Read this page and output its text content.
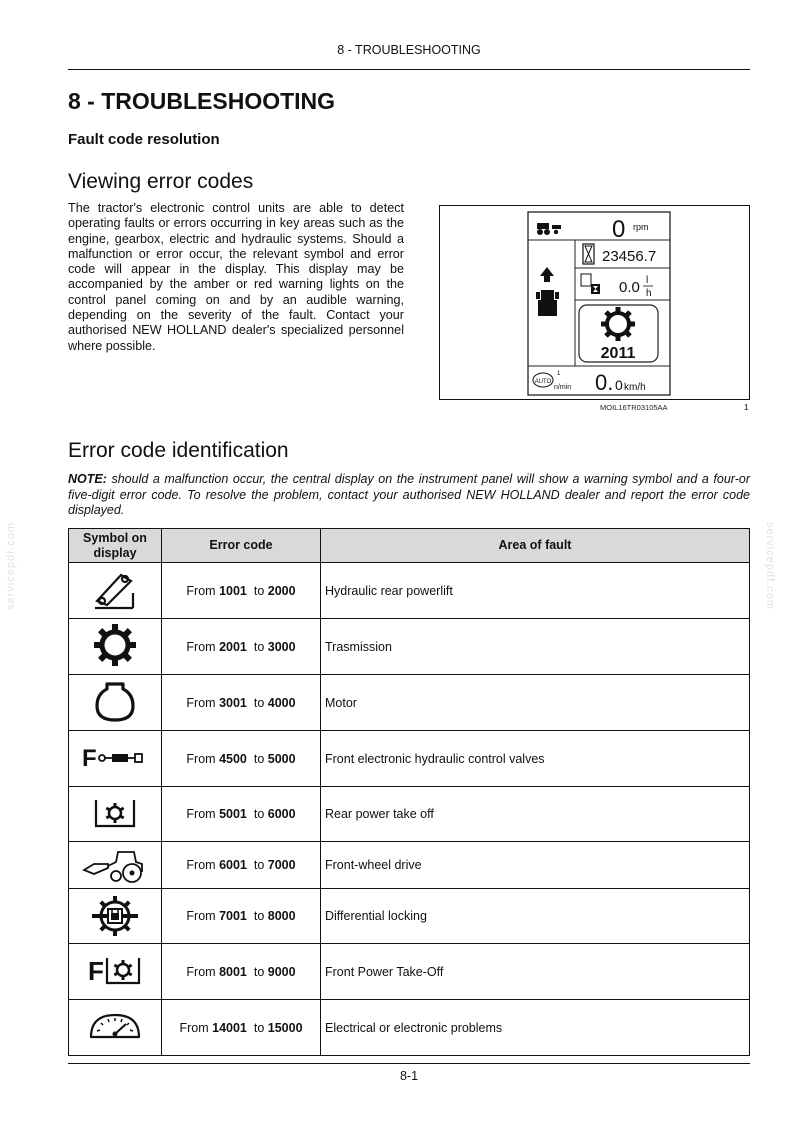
8 - TROUBLESHOOTING
8 - TROUBLESHOOTING
Fault code resolution
Viewing error codes
The tractor's electronic control units are able to detect operating faults or errors occurring in key areas such as the engine, gearbox, electric and hydraulic systems. Should a malfunction or error occur, the relevant symbol and error code will appear in the display. This display may be accompanied by the amber or red warning lights on the control panel coming on and by an audible warning, depending on the severity of the fault. Contact your authorised NEW HOLLAND dealer's specialized personnel where possible.
0 rpm
23456.7
0.0 l
h
2011
AUTO
1
n/min 0. 0 km/h
MOIL16TR03105AA	1
Error code identification
NOTE: should a malfunction occur, the central display on the instrument panel will show a warning symbol and a four-or five-digit error code. To resolve the problem, contact your authorised NEW HOLLAND dealer and report the error code displayed.
Symbol on display	Error code	Area of fault
	From 1001 to 2000	Hydraulic rear powerlift
	From 2001 to 3000	Trasmission
	From 3001 to 4000	Motor

F	From 4500 to 5000	Front electronic hydraulic control valves
	From 5001 to 6000	Rear power take off
	From 6001 to 7000	Front-wheel drive
	From 7001 to 8000	Differential locking

F	From 8001 to 9000	Front Power Take-Off
	From 14001 to 15000	Electrical or electronic problems
8-1
servicepdf.com	servicepdf.com
